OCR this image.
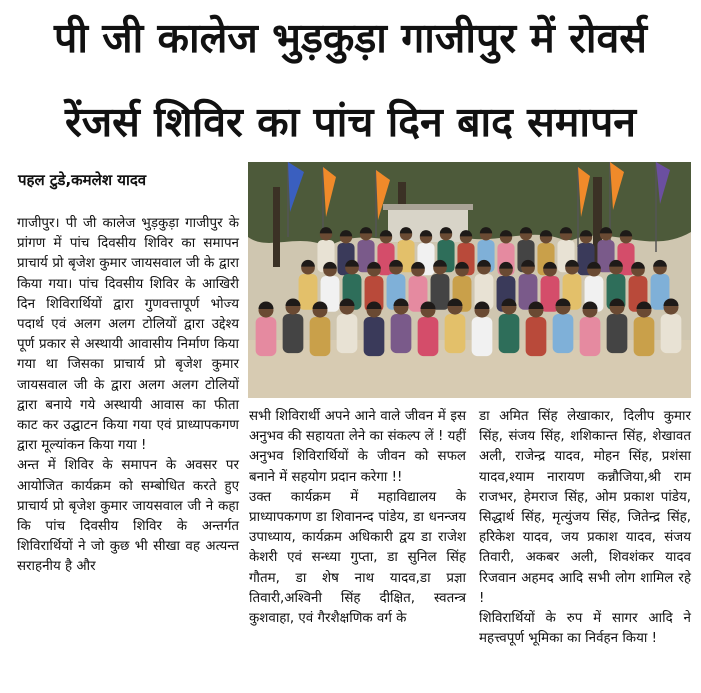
पी जी कालेज भुड़कुड़ा गाजीपुर में रोवर्स
रेंजर्स शिविर का पांच दिन बाद समापन
पहल टुडे,कमलेश यादव

गाजीपुर। पी जी कालेज भुड़कुड़ा गाजीपुर के प्रांगण में पांच दिवसीय शिविर का समापन प्राचार्य प्रो बृजेश कुमार जायसवाल जी के द्वारा किया गया। पांच दिवसीय शिविर के आखिरी दिन शिविरार्थियों द्वारा गुणवत्तापूर्ण भोज्य पदार्थ एवं अलग अलग टोलियों द्वारा उद्देश्य पूर्ण प्रकार से अस्थायी आवासीय निर्माण किया गया था जिसका प्राचार्य प्रो बृजेश कुमार जायसवाल जी के द्वारा अलग अलग टोलियों द्वारा बनाये गये अस्थायी आवास का फीता काट कर उद्घाटन किया गया एवं प्राध्यापकगण द्वारा मूल्यांकन किया गया !

अन्त में शिविर के समापन के अवसर पर आयोजित कार्यक्रम को सम्बोधित करते हुए प्राचार्य प्रो बृजेश कुमार जायसवाल जी ने कहा कि पांच दिवसीय शिविर के अन्तर्गत शिविरार्थियों ने जो कुछ भी सीखा वह अत्यन्त सराहनीय है और

सभी शिविरार्थी अपने आने वाले जीवन में इस अनुभव की सहायता लेने का संकल्प लें ! यहीं अनुभव शिविरार्थियों के जीवन को सफल बनाने में सहयोग प्रदान करेगा !!

उक्त कार्यक्रम में महाविद्यालय के प्राध्यापकगण डा शिवानन्द पांडेय, डा धनन्जय उपाध्याय, कार्यक्रम अधिकारी द्वय डा राजेश केशरी एवं सन्ध्या गुप्ता, डा सुनिल सिंह गौतम, डा शेष नाथ यादव,डा प्रज्ञा तिवारी,अश्विनी सिंह दीक्षित, स्वतन्त्र कुशवाहा, एवं गैरशैक्षणिक वर्ग के

डा अमित सिंह लेखाकार, दिलीप कुमार सिंह, संजय सिंह, शशिकान्त सिंह, शेखावत अली, राजेन्द्र यादव, मोहन सिंह, प्रशंसा यादव,श्याम नारायण कन्नौजिया,श्री राम राजभर, हेमराज सिंह, ओम प्रकाश पांडेय, सिद्धार्थ सिंह, मृत्युंजय सिंह, जितेन्द्र सिंह, हरिकेश यादव, जय प्रकाश यादव, संजय तिवारी, अकबर अली, शिवशंकर यादव रिजवान अहमद आदि सभी लोग शामिल रहे !

शिविरार्थियों के रुप में सागर आदि ने महत्त्वपूर्ण भूमिका का निर्वहन किया !
